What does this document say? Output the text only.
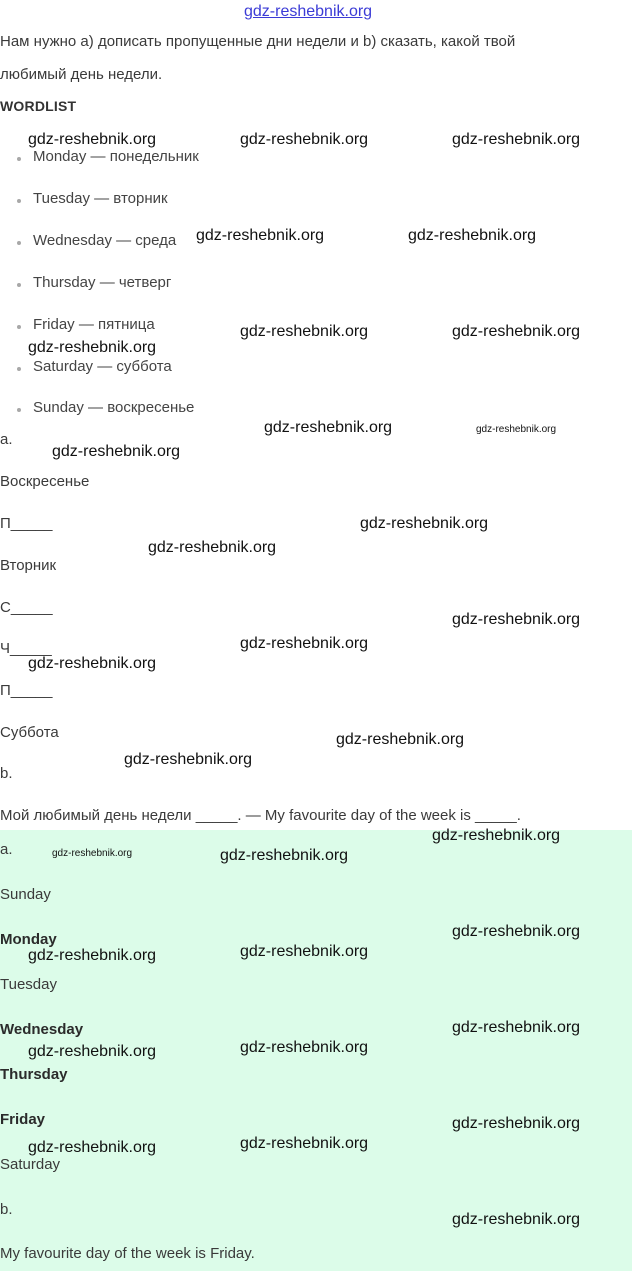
gdz-reshebnik.org
Нам нужно a) дописать пропущенные дни недели и b) сказать, какой твой
любимый день недели.
WORDLIST
Monday — понедельник
Tuesday — вторник
Wednesday — среда
Thursday — четверг
Friday — пятница
Saturday — суббота
Sunday — воскресенье
a.
Воскресенье
П_____
Вторник
С_____
Ч_____
П_____
Суббота
b.
Мой любимый день недели _____. — My favourite day of the week is _____.
a.
Sunday
Monday
Tuesday
Wednesday
Thursday
Friday
Saturday
b.
My favourite day of the week is Friday.
gdz-reshebnik.org	gdz-reshebnik.org	gdz-reshebnik.org
gdz-reshebnik.org	gdz-reshebnik.org
gdz-reshebnik.org	gdz-reshebnik.org
gdz-reshebnik.org
gdz-reshebnik.org	gdz-reshebnik.org
gdz-reshebnik.org
gdz-reshebnik.org
gdz-reshebnik.org
gdz-reshebnik.org
gdz-reshebnik.org
gdz-reshebnik.org
gdz-reshebnik.org
gdz-reshebnik.org
gdz-reshebnik.org
gdz-reshebnik.org	gdz-reshebnik.org
gdz-reshebnik.org
gdz-reshebnik.org
gdz-reshebnik.org
gdz-reshebnik.org
gdz-reshebnik.org
gdz-reshebnik.org
gdz-reshebnik.org
gdz-reshebnik.org
gdz-reshebnik.org
gdz-reshebnik.org
